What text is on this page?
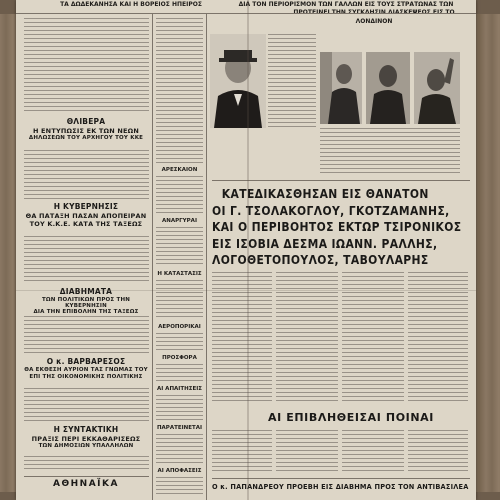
ΤΑ ΔΩΔΕΚΑΝΗΣΑ ΚΑΙ Η ΒΟΡΕΙΟΣ ΗΠΕΙΡΟΣ	ΔΙΑ ΤΟΝ ΠΕΡΙΟΡΙΣΜΟΝ ΤΩΝ ΓΑΛΛΩΝ ΕΙΣ ΤΟΥΣ ΣΤΡΑΤΩΝΑΣ ΤΩΝ
ΛΟΝΔΙΝΟΝ
ΘΛΙΒΕΡΑ
Η ΕΝΤΥΠΩΣΙΣ ΕΚ ΤΩΝ ΝΕΩΝ
ΔΗΛΩΣΕΩΝ ΤΟΥ ΑΡΧΗΓΟΥ ΤΟΥ ΚΚΕ
Η ΚΥΒΕΡΝΗΣΙΣ
ΘΑ ΠΑΤΑΞΗ ΠΑΣΑΝ ΑΠΟΠΕΙΡΑΝ
ΤΟΥ Κ.Κ.Ε. ΚΑΤΑ ΤΗΣ ΤΑΞΕΩΣ
ΔΙΑΒΗΜΑΤΑ
ΤΩΝ ΠΟΛΙΤΙΚΩΝ ΠΡΟΣ ΤΗΝ ΚΥΒΕΡΝΗΣΙΝ
ΔΙΑ ΤΗΝ ΕΠΙΒΟΛΗΝ ΤΗΣ ΤΑΞΕΩΣ
Ο κ. ΒΑΡΒΑΡΕΣΟΣ
ΘΑ ΕΚΘΕΣΗ ΑΥΡΙΟΝ ΤΑΣ ΓΝΩΜΑΣ ΤΟΥ
ΕΠΙ ΤΗΣ ΟΙΚΟΝΟΜΙΚΗΣ ΠΟΛΙΤΙΚΗΣ
Η ΣΥΝΤΑΚΤΙΚΗ
ΠΡΑΞΙΣ ΠΕΡΙ ΕΚΚΑΘΑΡΙΣΕΩΣ
ΤΩΝ ΔΗΜΟΣΙΩΝ ΥΠΑΛΛΗΛΩΝ
ΑΘΗΝΑΪΚΑ
ΑΡΕΣΚΑΙΟΝ
ΑΝΑΡΓΥΡΑΙ
Η ΚΑΤΑΣΤΑΣΙΣ
ΑΕΡΟΠΟΡΙΚΑΙ
ΠΡΟΣΦΟΡΑ
ΑΙ ΑΠΑΙΤΗΣΕΙΣ
ΠΑΡΑΤΕΙΝΕΤΑΙ
ΑΙ ΑΠΟΦΑΣΕΙΣ
ΚΑΤΕΔΙΚΑΣΘΗΣΑΝ ΕΙΣ ΘΑΝΑΤΟΝ
ΟΙ Γ. ΤΣΟΛΑΚΟΓΛΟΥ, ΓΚΟΤΖΑΜΑΝΗΣ,
ΚΑΙ Ο ΠΕΡΙΒΟΗΤΟΣ ΕΚΤΩΡ ΤΣΙΡΟΝΙΚΟΣ
ΕΙΣ ΙΣΟΒΙΑ ΔΕΣΜΑ ΙΩΑΝΝ. ΡΑΛΛΗΣ,
ΛΟΓΟΘΕΤΟΠΟΥΛΟΣ, ΤΑΒΟΥΛΑΡΗΣ
ΑΙ ΕΠΙΒΛΗΘΕΙΣΑΙ ΠΟΙΝΑΙ
Ο κ. ΠΑΠΑΝΔΡΕΟΥ ΠΡΟΕΒΗ ΕΙΣ ΔΙΑΒΗΜΑ ΠΡΟΣ ΤΟΝ ΑΝΤΙΒΑΣΙΛΕΑ
